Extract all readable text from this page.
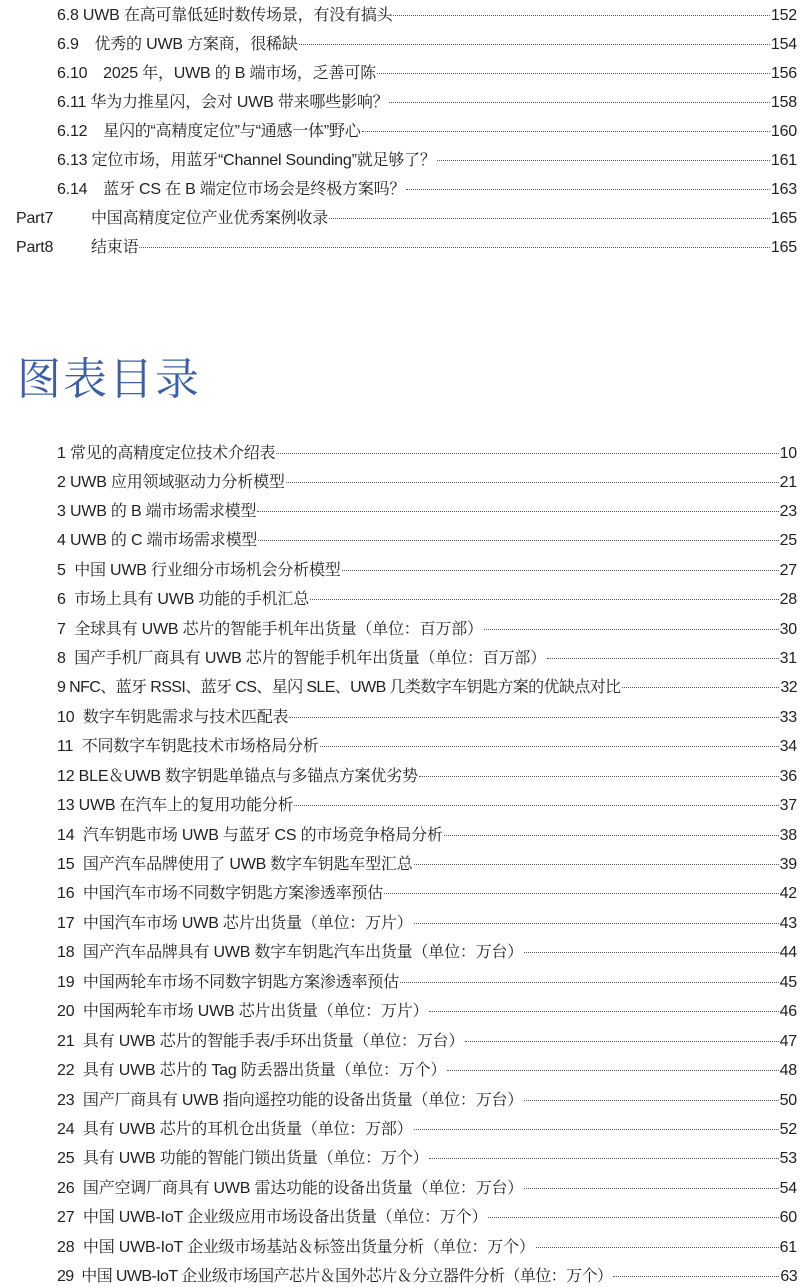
6.8 UWB 在高可靠低延时数传场景，有没有搞头	152
6.9　优秀的 UWB 方案商，很稀缺	154
6.10　2025 年，UWB 的 B 端市场，乏善可陈	156
6.11 华为力推星闪，会对 UWB 带来哪些影响？	158
6.12　星闪的“高精度定位”与“通感一体”野心	160
6.13 定位市场，用蓝牙“Channel Sounding”就足够了？	161
6.14　蓝牙 CS 在 B 端定位市场会是终极方案吗？	163
Part7	中国高精度定位产业优秀案例收录	165
Part8	结束语	165
图表目录
1 常见的高精度定位技术介绍表	10
2 UWB 应用领域驱动力分析模型	21
3 UWB 的 B 端市场需求模型	23
4 UWB 的 C 端市场需求模型	25
5  中国 UWB 行业细分市场机会分析模型	27
6  市场上具有 UWB 功能的手机汇总	28
7  全球具有 UWB 芯片的智能手机年出货量（单位：百万部）	30
8  国产手机厂商具有 UWB 芯片的智能手机年出货量（单位：百万部）	31
9 NFC、蓝牙 RSSI、蓝牙 CS、星闪 SLE、UWB 几类数字车钥匙方案的优缺点对比	32
10  数字车钥匙需求与技术匹配表	33
11  不同数字车钥匙技术市场格局分析	34
12 BLE＆UWB 数字钥匙单锚点与多锚点方案优劣势	36
13 UWB 在汽车上的复用功能分析	37
14  汽车钥匙市场 UWB 与蓝牙 CS 的市场竞争格局分析	38
15  国产汽车品牌使用了 UWB 数字车钥匙车型汇总	39
16  中国汽车市场不同数字钥匙方案渗透率预估	42
17  中国汽车市场 UWB 芯片出货量（单位：万片）	43
18  国产汽车品牌具有 UWB 数字车钥匙汽车出货量（单位：万台）	44
19  中国两轮车市场不同数字钥匙方案渗透率预估	45
20  中国两轮车市场 UWB 芯片出货量（单位：万片）	46
21  具有 UWB 芯片的智能手表/手环出货量（单位：万台）	47
22  具有 UWB 芯片的 Tag 防丢器出货量（单位：万个）	48
23  国产厂商具有 UWB 指向遥控功能的设备出货量（单位：万台）	50
24  具有 UWB 芯片的耳机仓出货量（单位：万部）	52
25  具有 UWB 功能的智能门锁出货量（单位：万个）	53
26  国产空调厂商具有 UWB 雷达功能的设备出货量（单位：万台）	54
27  中国 UWB-IoT 企业级应用市场设备出货量（单位：万个）	60
28  中国 UWB-IoT 企业级市场基站＆标签出货量分析（单位：万个）	61
29  中国 UWB-IoT 企业级市场国产芯片＆国外芯片＆分立器件分析（单位：万个）	63
